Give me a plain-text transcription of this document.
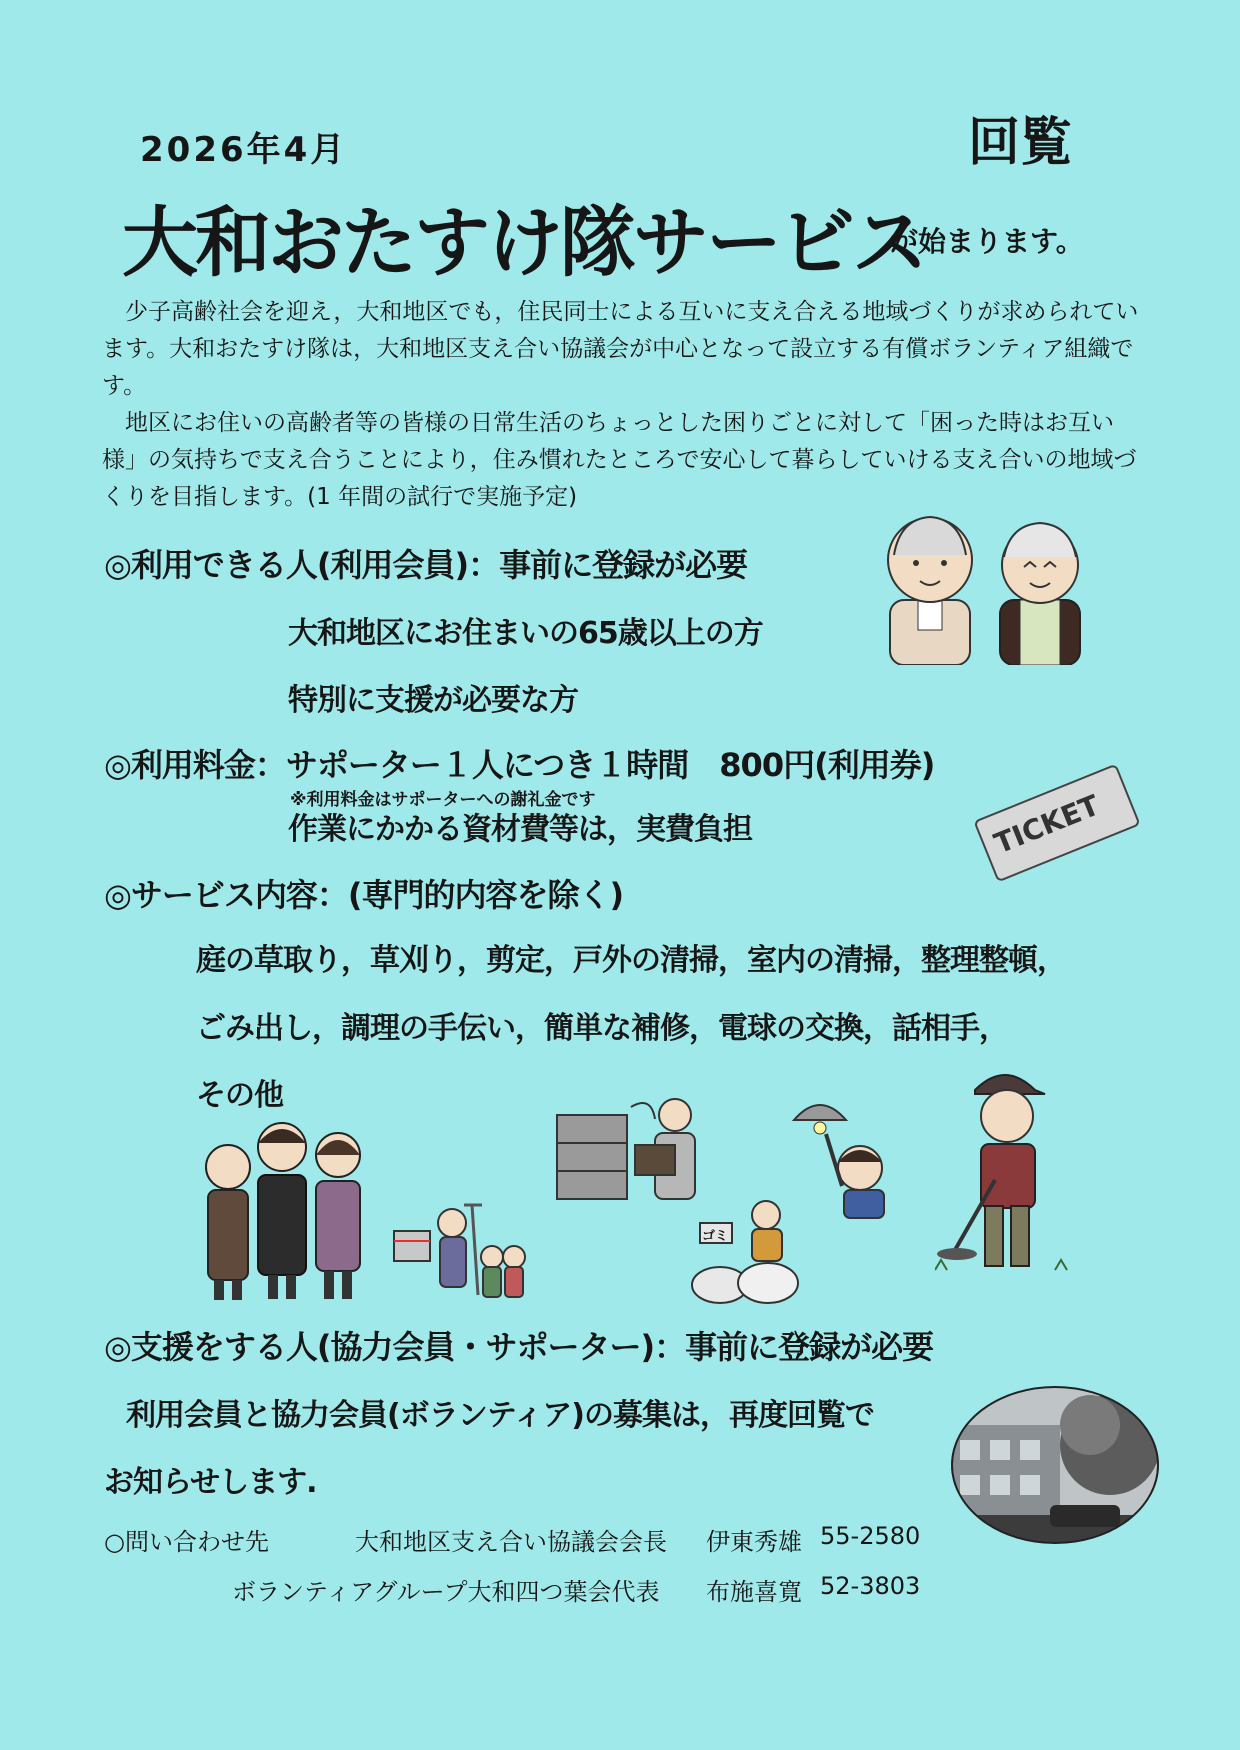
2026年4月	回覧
大和おたすけ隊サービス
が始まります。

少子高齢社会を迎え，大和地区でも，住民同士による互いに支え合える地域づくりが求められています。大和おたすけ隊は，大和地区支え合い協議会が中心となって設立する有償ボランティア組織です。

地区にお住いの高齢者等の皆様の日常生活のちょっとした困りごとに対して「困った時はお互い様」の気持ちで支え合うことにより，住み慣れたところで安心して暮らしていける支え合いの地域づくりを目指します。(1 年間の試行で実施予定)

◎利用できる人(利用会員)：事前に登録が必要
大和地区にお住まいの65歳以上の方
特別に支援が必要な方
◎利用料金：サポーター１人につき１時間　800円(利用券)
※利用料金はサポーターへの謝礼金です
作業にかかる資材費等は，実費負担	TICKET
◎サービス内容：(専門的内容を除く)
庭の草取り，草刈り，剪定，戸外の清掃，室内の清掃，整理整頓，
ごみ出し，調理の手伝い，簡単な補修，電球の交換，話相手，
その他
ゴミ
◎支援をする人(協力会員・サポーター)：事前に登録が必要
利用会員と協力会員(ボランティア)の募集は，再度回覧で
お知らせします.
○問い合わせ先	大和地区支え合い協議会会長 伊東秀雄 55-2580
ボランティアグループ大和四つ葉会代表 布施喜寛 52-3803
